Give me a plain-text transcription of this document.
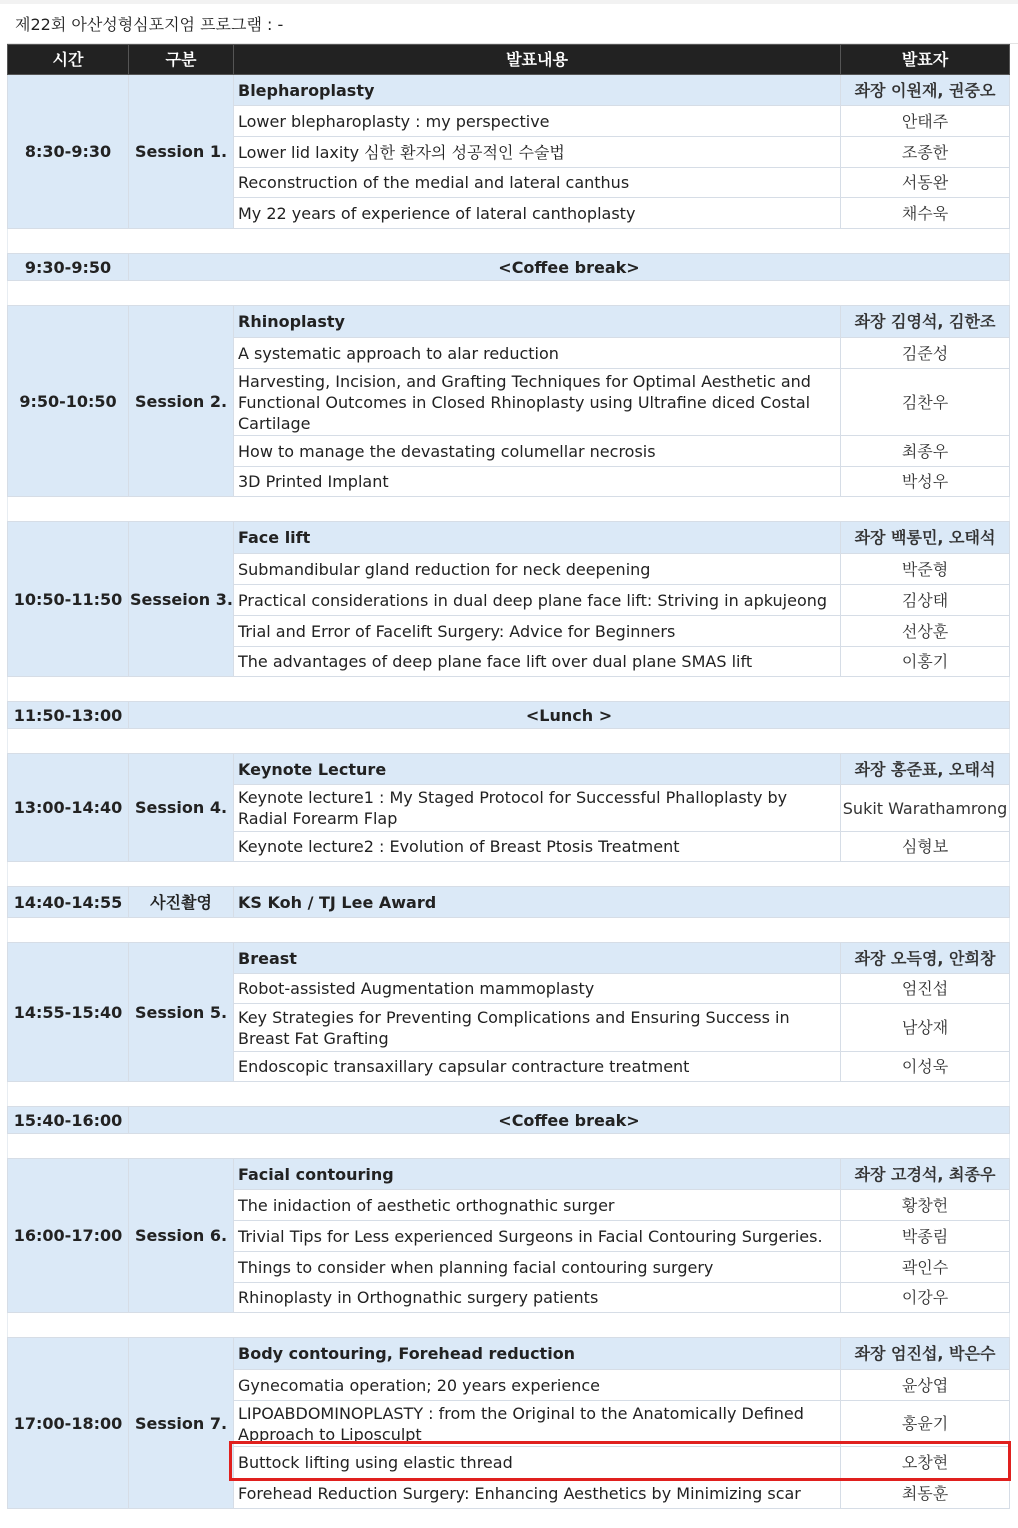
제22회 아산성형심포지엄 프로그램 : -
시간	구분	발표내용	발표자
8:30-9:30	Session 1.	Blepharoplasty	좌장 이원재, 권중오
		Lower blepharoplasty : my perspective	안태주
		Lower lid laxity 심한 환자의 성공적인 수술법	조종한
		Reconstruction of the medial and lateral canthus	서동완
		My 22 years of experience of lateral canthoplasty	채수욱

9:30-9:50	<Coffee break>		

9:50-10:50	Session 2.	Rhinoplasty	좌장 김영석, 김한조
		A systematic approach to alar reduction	김준성
		Harvesting, Incision, and Grafting Techniques for Optimal Aesthetic and Functional Outcomes in Closed Rhinoplasty using Ultrafine diced Costal Cartilage	김찬우
		How to manage the devastating columellar necrosis	최종우
		3D Printed Implant	박성우

10:50-11:50	Sesseion 3.	Face lift	좌장 백롱민, 오태석
		Submandibular gland reduction for neck deepening	박준형
		Practical considerations in dual deep plane face lift: Striving in apkujeong	김상태
		Trial and Error of Facelift Surgery: Advice for Beginners	선상훈
		The advantages of deep plane face lift over dual plane SMAS lift	이홍기

11:50-13:00	<Lunch >		

13:00-14:40	Session 4.	Keynote Lecture	좌장 홍준표, 오태석
		Keynote lecture1 : My Staged Protocol for Successful Phalloplasty by Radial Forearm Flap	Sukit Warathamrong
		Keynote lecture2 : Evolution of Breast Ptosis Treatment	심형보

14:40-14:55	사진촬영	KS Koh / TJ Lee Award	

14:55-15:40	Session 5.	Breast	좌장 오득영, 안희창
		Robot-assisted Augmentation mammoplasty	엄진섭
		Key Strategies for Preventing Complications and Ensuring Success in Breast Fat Grafting	남상재
		Endoscopic transaxillary capsular contracture treatment	이성욱

15:40-16:00	<Coffee break>		

16:00-17:00	Session 6.	Facial contouring	좌장 고경석, 최종우
		The inidaction of aesthetic orthognathic surger	황창헌
		Trivial Tips for Less experienced Surgeons in Facial Contouring Surgeries.	박종림
		Things to consider when planning facial contouring surgery	곽인수
		Rhinoplasty in Orthognathic surgery patients	이강우

17:00-18:00	Session 7.	Body contouring, Forehead reduction	좌장 엄진섭, 박은수
		Gynecomatia operation; 20 years experience	윤상엽
		LIPOABDOMINOPLASTY : from the Original to the Anatomically Defined Approach to Liposculpt	홍윤기
		Buttock lifting using elastic thread	오창현
		Forehead Reduction Surgery: Enhancing Aesthetics by Minimizing scar	최동훈
